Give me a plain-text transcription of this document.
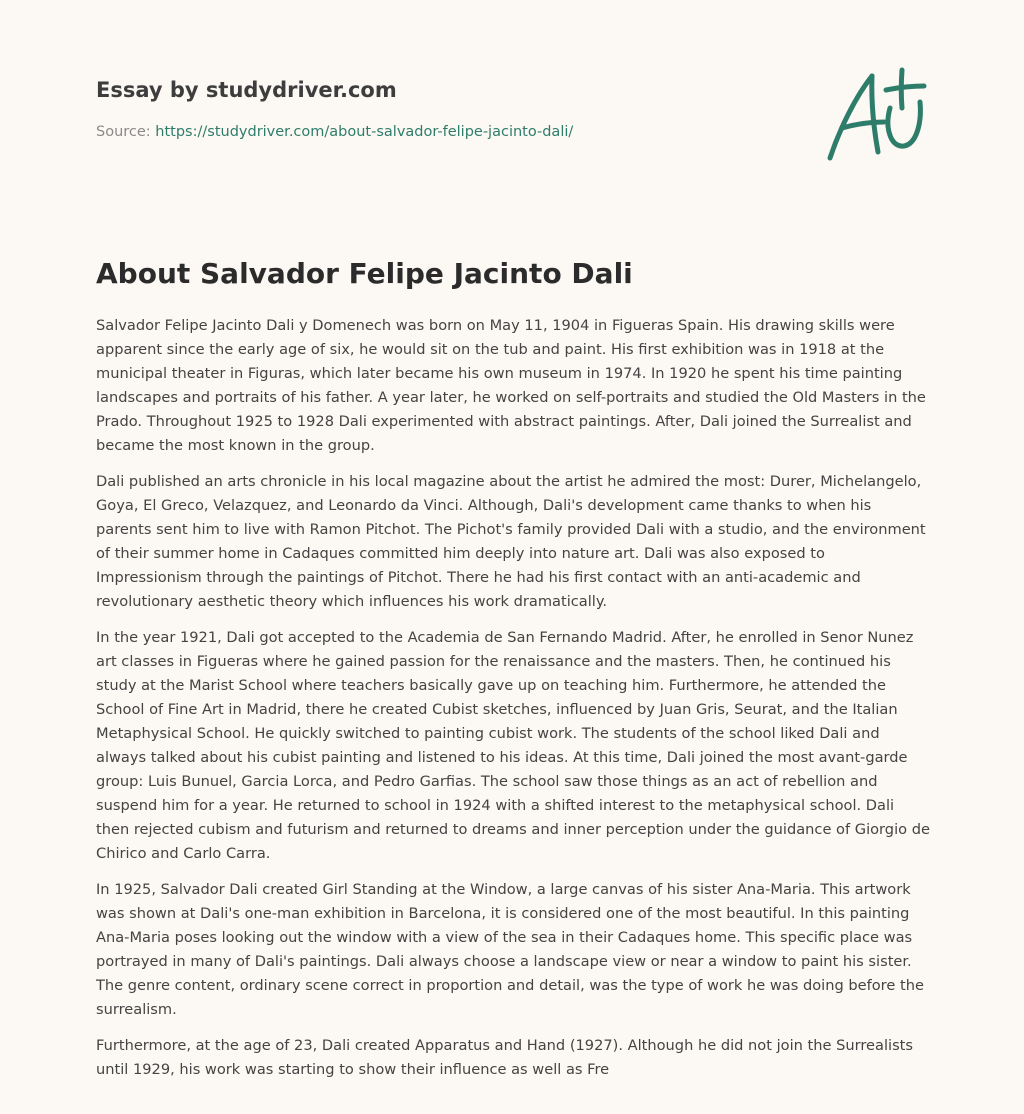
Essay by studydriver.com
Source: https://studydriver.com/about-salvador-felipe-jacinto-dali/
About Salvador Felipe Jacinto Dali

Salvador Felipe Jacinto Dali y Domenech was born on May 11, 1904 in Figueras Spain. His drawing skills were apparent since the early age of six, he would sit on the tub and paint. His first exhibition was in 1918 at the municipal theater in Figuras, which later became his own museum in 1974. In 1920 he spent his time painting landscapes and portraits of his father. A year later, he worked on self-portraits and studied the Old Masters in the Prado. Throughout 1925 to 1928 Dali experimented with abstract paintings. After, Dali joined the Surrealist and became the most known in the group.

Dali published an arts chronicle in his local magazine about the artist he admired the most: Durer, Michelangelo, Goya, El Greco, Velazquez, and Leonardo da Vinci. Although, Dali's development came thanks to when his parents sent him to live with Ramon Pitchot. The Pichot's family provided Dali with a studio, and the environment of their summer home in Cadaques committed him deeply into nature art. Dali was also exposed to Impressionism through the paintings of Pitchot. There he had his first contact with an anti-academic and revolutionary aesthetic theory which influences his work dramatically.

In the year 1921, Dali got accepted to the Academia de San Fernando Madrid. After, he enrolled in Senor Nunez art classes in Figueras where he gained passion for the renaissance and the masters. Then, he continued his study at the Marist School where teachers basically gave up on teaching him. Furthermore, he attended the School of Fine Art in Madrid, there he created Cubist sketches, influenced by Juan Gris, Seurat, and the Italian Metaphysical School. He quickly switched to painting cubist work. The students of the school liked Dali and always talked about his cubist painting and listened to his ideas. At this time, Dali joined the most avant-garde group: Luis Bunuel, Garcia Lorca, and Pedro Garfias. The school saw those things as an act of rebellion and suspend him for a year. He returned to school in 1924 with a shifted interest to the metaphysical school. Dali then rejected cubism and futurism and returned to dreams and inner perception under the guidance of Giorgio de Chirico and Carlo Carra.

In 1925, Salvador Dali created Girl Standing at the Window, a large canvas of his sister Ana-Maria. This artwork was shown at Dali's one-man exhibition in Barcelona, it is considered one of the most beautiful. In this painting Ana-Maria poses looking out the window with a view of the sea in their Cadaques home. This specific place was portrayed in many of Dali's paintings. Dali always choose a landscape view or near a window to paint his sister. The genre content, ordinary scene correct in proportion and detail, was the type of work he was doing before the surrealism.

Furthermore, at the age of 23, Dali created Apparatus and Hand (1927). Although he did not join the Surrealists until 1929, his work was starting to show their influence as well as Fre
